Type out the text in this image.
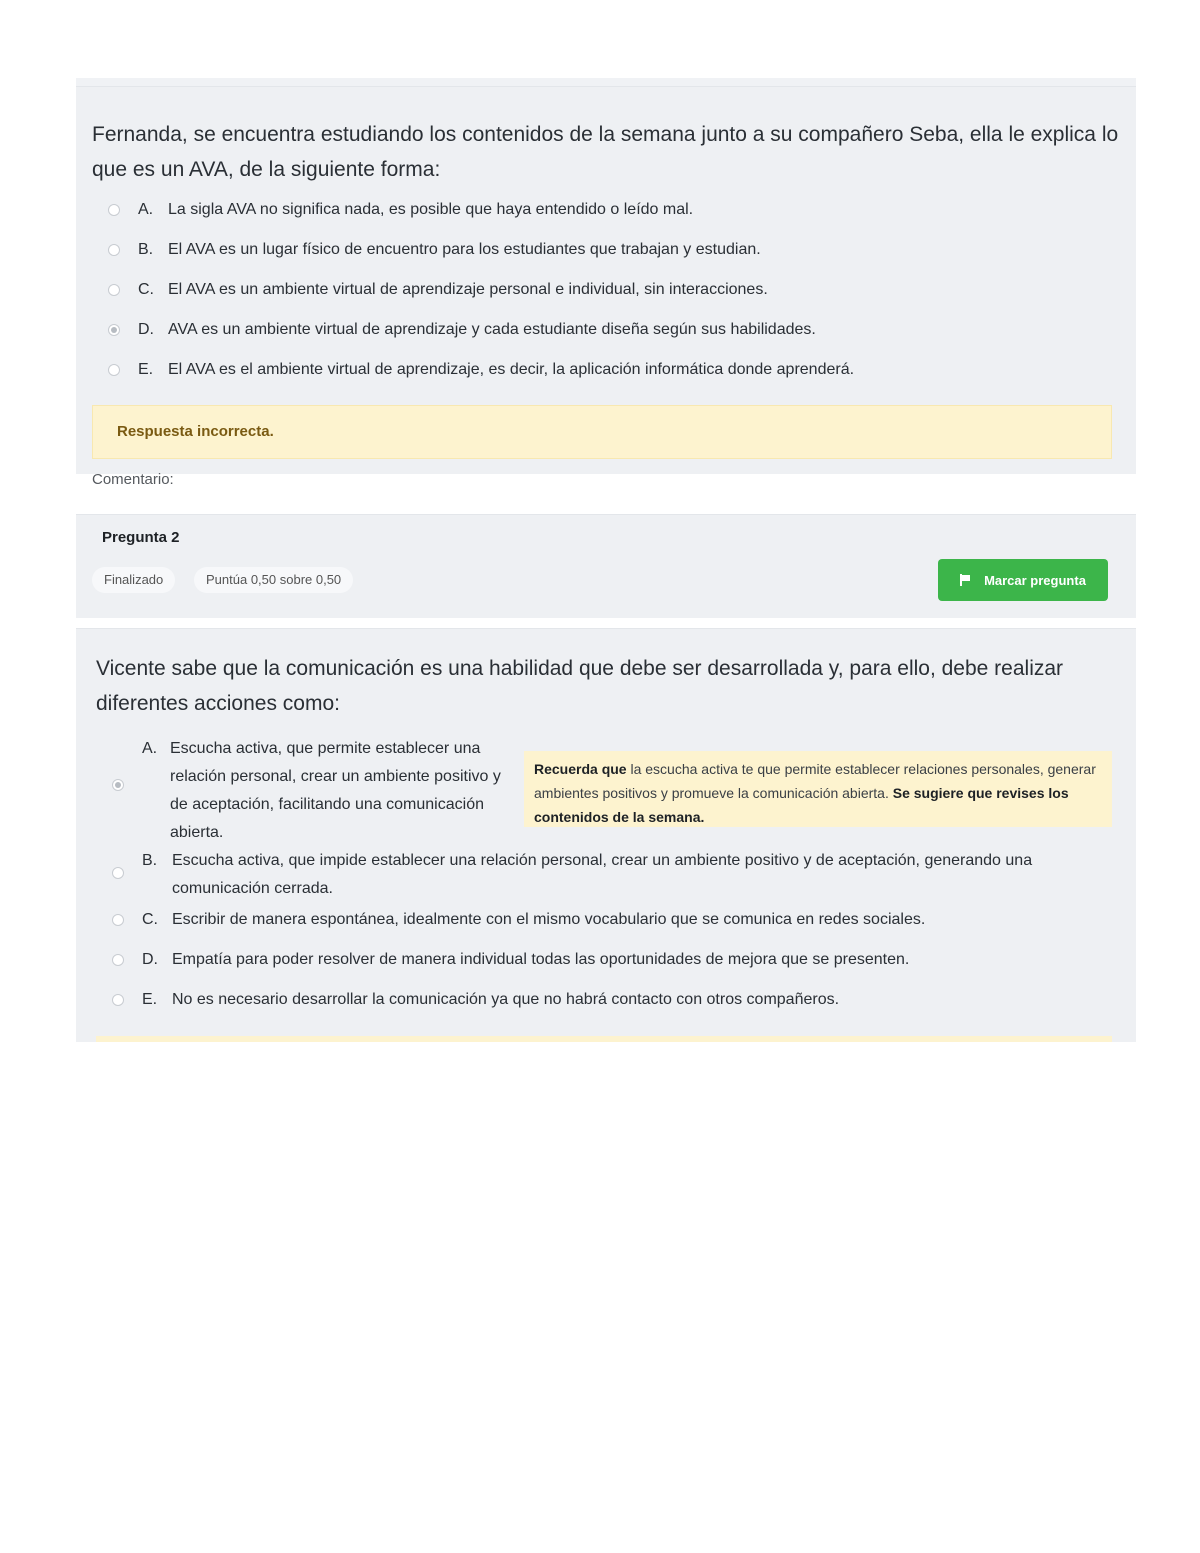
Fernanda, se encuentra estudiando los contenidos de la semana junto a su compañero Seba, ella le explica lo que es un AVA, de la siguiente forma:

A. La sigla AVA no significa nada, es posible que haya entendido o leído mal.
B. El AVA es un lugar físico de encuentro para los estudiantes que trabajan y estudian.
C. El AVA es un ambiente virtual de aprendizaje personal e individual, sin interacciones.
D. AVA es un ambiente virtual de aprendizaje y cada estudiante diseña según sus habilidades.
E. El AVA es el ambiente virtual de aprendizaje, es decir, la aplicación informática donde aprenderá.
Respuesta incorrecta.
Comentario:
Pregunta 2
Finalizado	Puntúa 0,50 sobre 0,50	Marcar pregunta

Vicente sabe que la comunicación es una habilidad que debe ser desarrollada y, para ello, debe realizar diferentes acciones como:

A. Escucha activa, que permite establecer una relación personal, crear un ambiente positivo y de aceptación, facilitando una comunicación abierta.
Recuerda que la escucha activa te que permite establecer relaciones personales, generar ambientes positivos y promueve la comunicación abierta. Se sugiere que revises los contenidos de la semana.
B. Escucha activa, que impide establecer una relación personal, crear un ambiente positivo y de aceptación, generando una comunicación cerrada.
C. Escribir de manera espontánea, idealmente con el mismo vocabulario que se comunica en redes sociales.
D. Empatía para poder resolver de manera individual todas las oportunidades de mejora que se presenten.
E. No es necesario desarrollar la comunicación ya que no habrá contacto con otros compañeros.
